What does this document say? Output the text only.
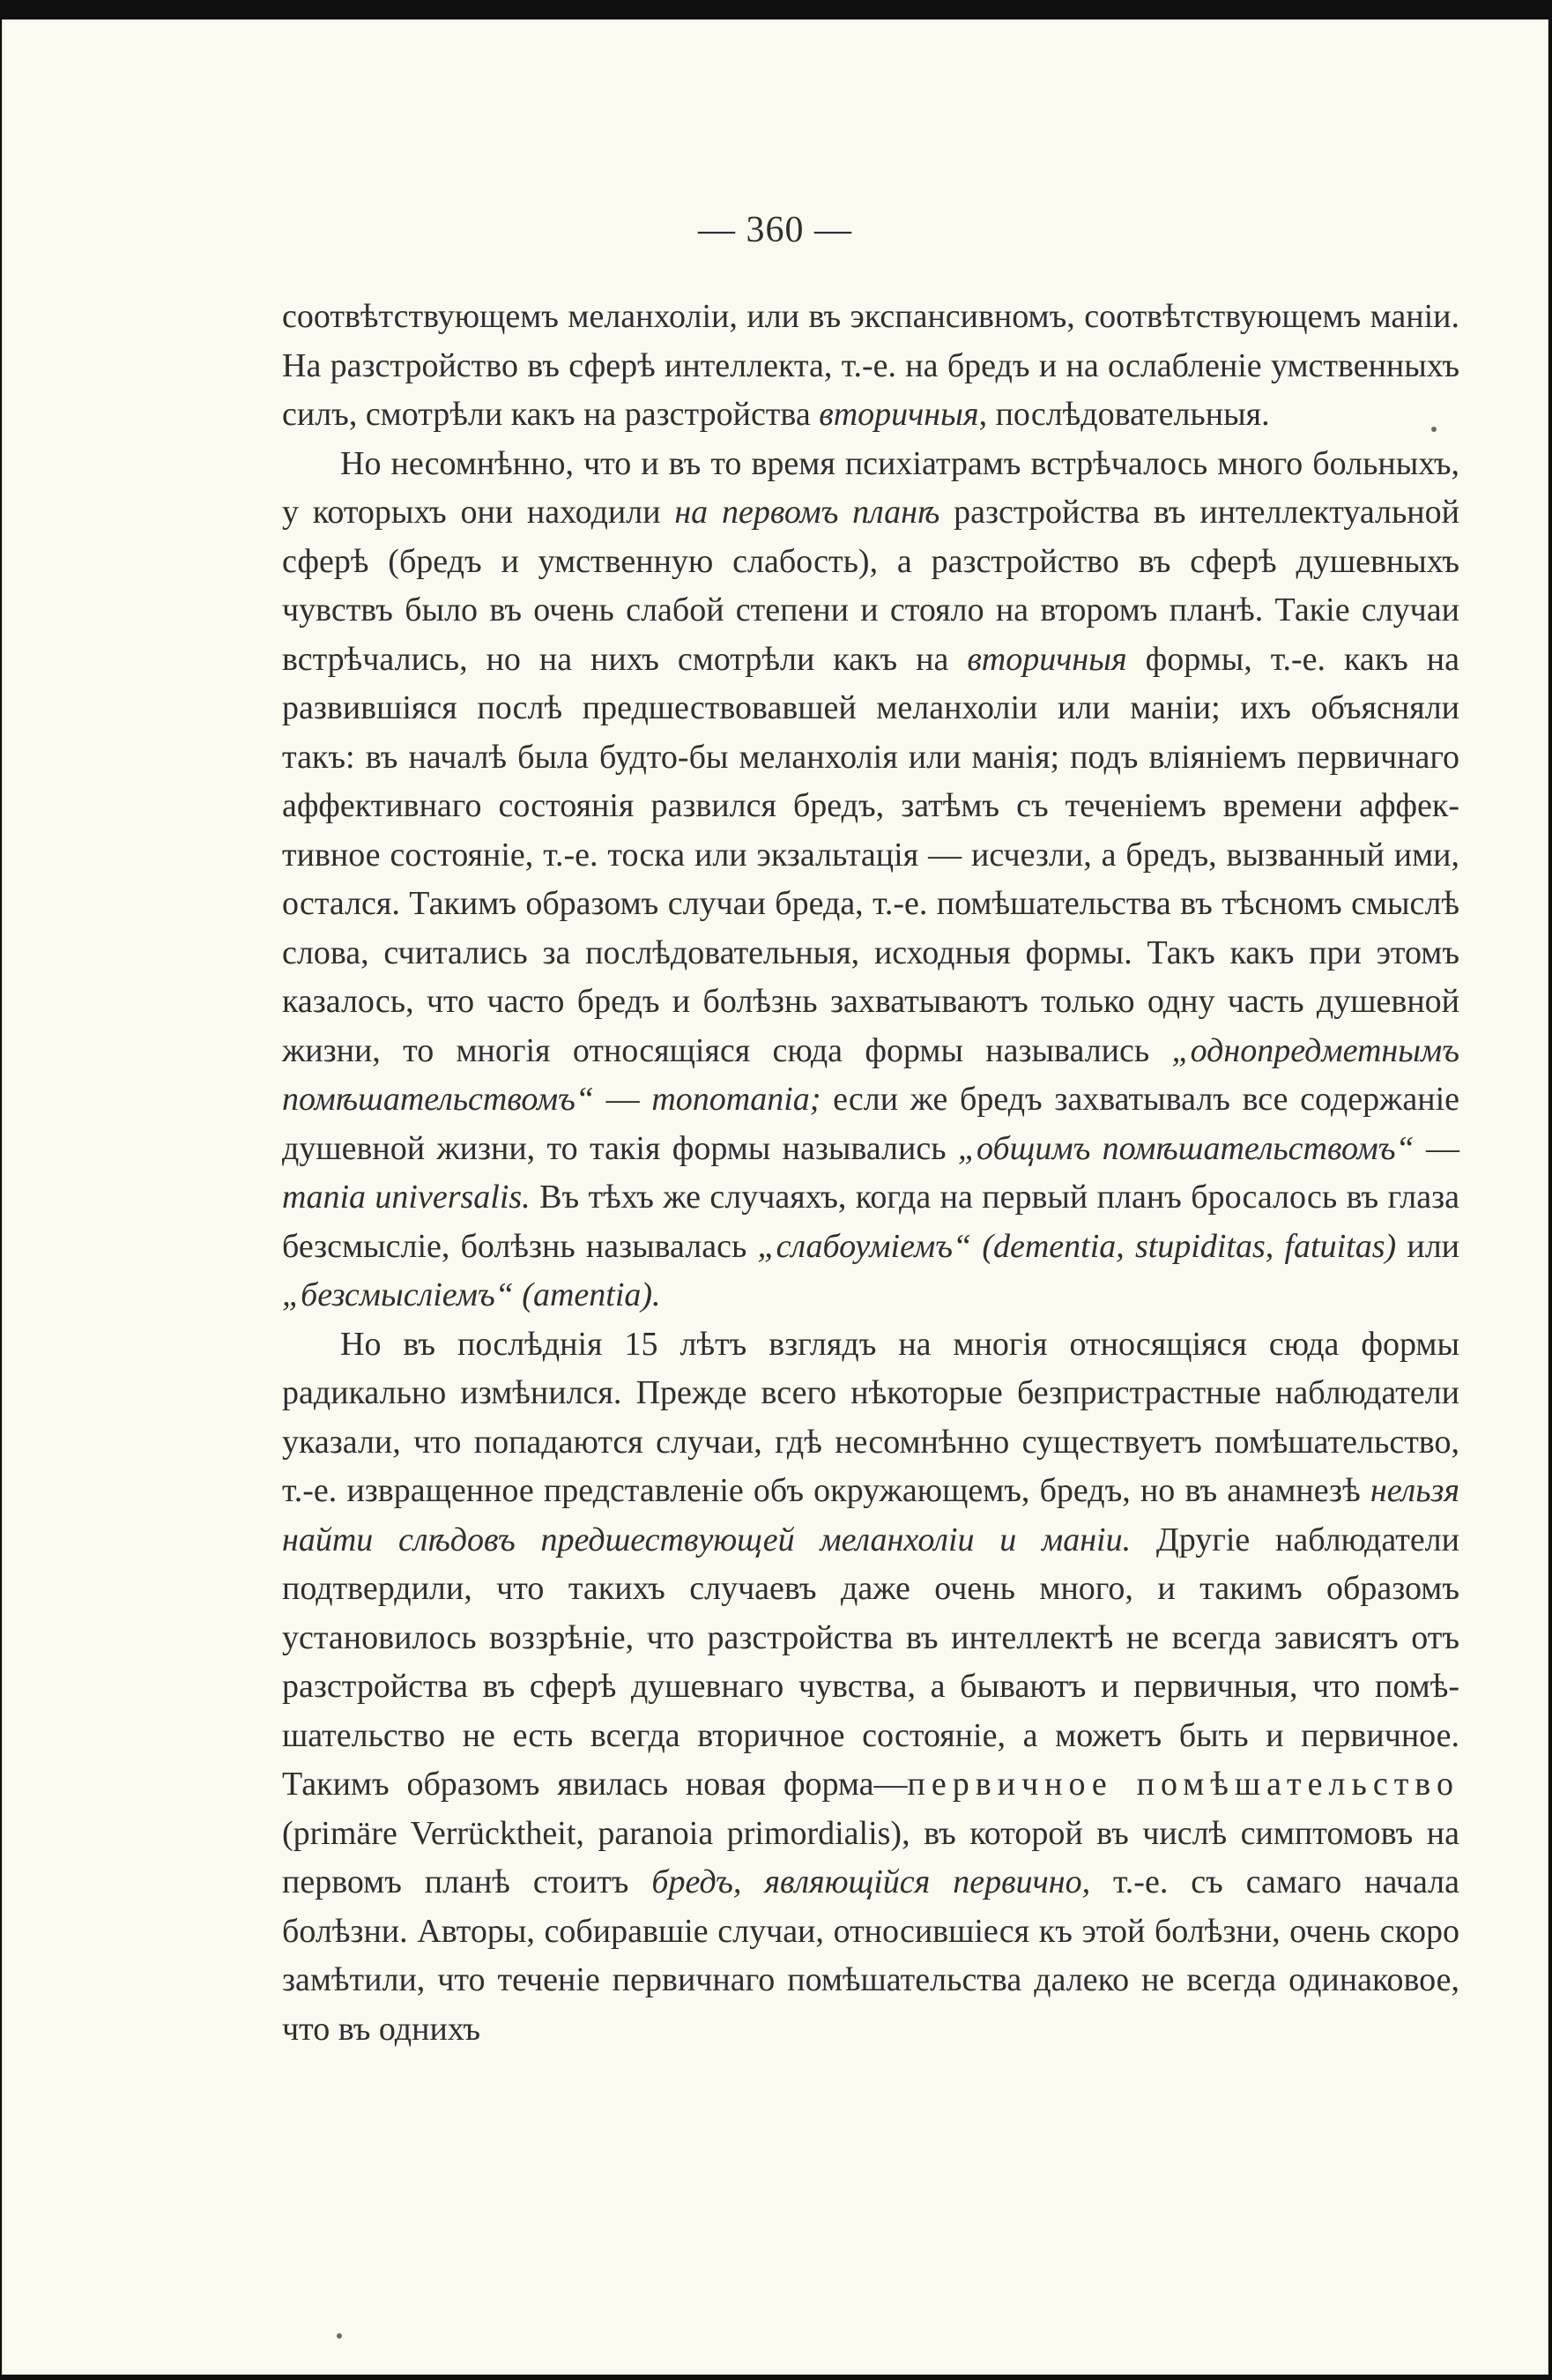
— 360 —

соотвѣтствующемъ меланхоліи, или въ экспансивномъ, соотвѣтствующемъ маніи. На разстройство въ сферѣ интеллекта, т.-е. на бредъ и на ослабленіе умственныхъ силъ, смотрѣли какъ на разстройства вторичныя, послѣдовательныя.

Но несомнѣнно, что и въ то время псиxіатрамъ встрѣчалось много больныхъ, у которыхъ они находили на первомъ планѣ разстройства въ интеллектуальной сферѣ (бредъ и умственную слабость), а разстройство въ сферѣ душевныхъ чувствъ было въ очень слабой степени и стояло на второмъ планѣ. Такіе случаи встрѣчались, но на нихъ смотрѣли какъ на вторичныя формы, т.-е. какъ на развившіяся послѣ предшествовавшей меланхоліи или маніи; ихъ объясняли такъ: въ началѣ была будто-бы меланхолія или манія; подъ вліяніемъ первичнаго аффективнаго состоянія развился бредъ, затѣмъ съ теченіемъ времени аффективное состояніе, т.-е. тоска или экзальтація — исчезли, а бредъ, вызванный ими, остался. Такимъ образомъ случаи бреда, т.-е. помѣшательства въ тѣсномъ смыслѣ слова, считались за послѣдовательныя, исходныя формы. Такъ какъ при этомъ казалось, что часто бредъ и болѣзнь захватываютъ только одну часть душевной жизни, то многія относящіяся сюда формы назывались „однопредметнымъ помѣшательствомъ“ — monomania; если же бредъ захватывалъ все содержаніе душевной жизни, то такія формы назывались „общимъ помѣшательствомъ“ — mania universalis. Въ тѣхъ же случаяхъ, когда на первый планъ бросалось въ глаза безсмысліе, болѣзнь называлась „слабоуміемъ“ (dementia, stupiditas, fatuitas) или „безсмысліемъ“ (amentia).

Но въ послѣднія 15 лѣтъ взглядъ на многія относящіяся сюда формы радикально измѣнился. Прежде всего нѣкоторые безпристрастные наблюдатели указали, что попадаются случаи, гдѣ несомнѣнно существуетъ помѣшательство, т.-е. извращенное представленіе объ окружающемъ, бредъ, но въ анамнезѣ нельзя найти слѣдовъ предшествующей меланхоліи и маніи. Другіе наблюдатели подтвердили, что такихъ случаевъ даже очень много, и такимъ образомъ установилось воззрѣніе, что разстройства въ интеллектѣ не всегда зависятъ отъ разстройства въ сферѣ душевнаго чувства, а бываютъ и первичныя, что помѣшательство не есть всегда вторичное состояніе, а можетъ быть и первичное. Такимъ образомъ явилась новая форма—первичное помѣшательство (primäre Verrücktheit, paranoia primordialis), въ которой въ числѣ симптомовъ на первомъ планѣ стоитъ бредъ, являющійся первично, т.-е. съ самаго начала болѣзни. Авторы, собиравшіе случаи, относившіеся къ этой болѣзни, очень скоро замѣтили, что теченіе первичнаго помѣшательства далеко не всегда одинаковое, что въ однихъ
